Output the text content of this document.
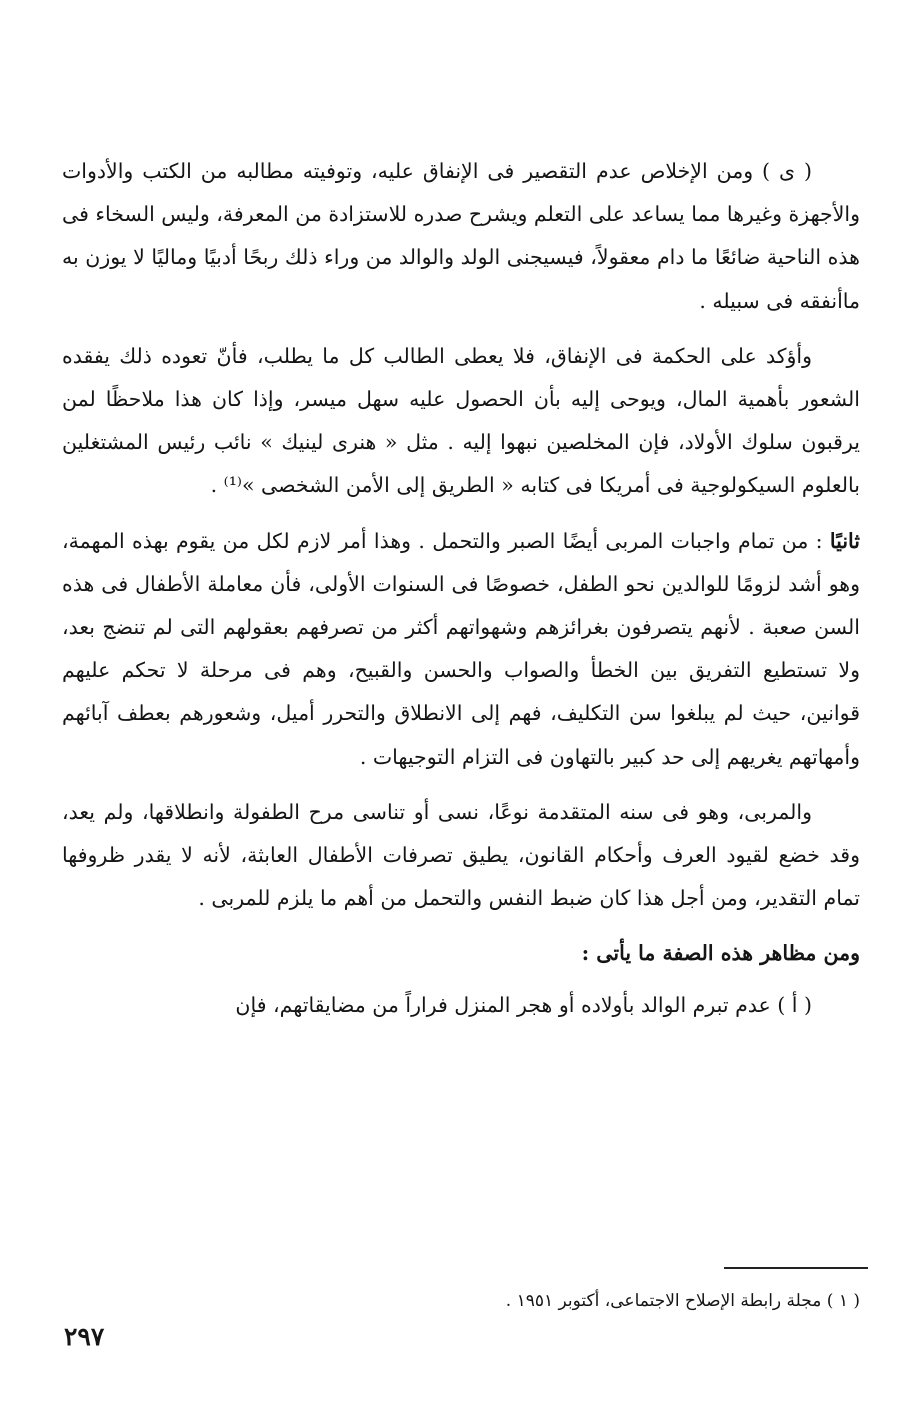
( ى ) ومن الإخلاص عدم التقصير فى الإنفاق عليه، وتوفيته مطالبه من الكتب والأدوات والأجهزة وغيرها مما يساعد على التعلم ويشرح صدره للاستزادة من المعرفة، وليس السخاء فى هذه الناحية ضائعًا ما دام معقولاً، فيسيجنى الولد والوالد من وراء ذلك ربحًا أدبيًا وماليًا لا يوزن به ماأنفقه فى سبيله .

وأؤكد على الحكمة فى الإنفاق، فلا يعطى الطالب كل ما يطلب، فأنّ تعوده ذلك يفقده الشعور بأهمية المال، ويوحى إليه بأن الحصول عليه سهل ميسر، وإذا كان هذا ملاحظًا لمن يرقبون سلوك الأولاد، فإن المخلصين نبهوا إليه . مثل « هنرى لينيك » نائب رئيس المشتغلين بالعلوم السيكولوجية فى أمريكا فى كتابه « الطريق إلى الأمن الشخصى »⁽¹⁾ .

ثانيًا : من تمام واجبات المربى أيضًا الصبر والتحمل . وهذا أمر لازم لكل من يقوم بهذه المهمة، وهو أشد لزومًا للوالدين نحو الطفل، خصوصًا فى السنوات الأولى، فأن معاملة الأطفال فى هذه السن صعبة . لأنهم يتصرفون بغرائزهم وشهواتهم أكثر من تصرفهم بعقولهم التى لم تنضج بعد، ولا تستطيع التفريق بين الخطأ والصواب والحسن والقبيح، وهم فى مرحلة لا تحكم عليهم قوانين، حيث لم يبلغوا سن التكليف، فهم إلى الانطلاق والتحرر أميل، وشعورهم بعطف آبائهم وأمهاتهم يغريهم إلى حد كبير بالتهاون فى التزام التوجيهات .

والمربى، وهو فى سنه المتقدمة نوعًا، نسى أو تناسى مرح الطفولة وانطلاقها، ولم يعد، وقد خضع لقيود العرف وأحكام القانون، يطيق تصرفات الأطفال العابثة، لأنه لا يقدر ظروفها تمام التقدير، ومن أجل هذا كان ضبط النفس والتحمل من أهم ما يلزم للمربى .

ومن مظاهر هذه الصفة ما يأتى :

( أ ) عدم تبرم الوالد بأولاده أو هجر المنزل فراراً من مضايقاتهم، فإن

( ١ ) مجلة رابطة الإصلاح الاجتماعى، أكتوبر ١٩٥١ .
٢٩٧
